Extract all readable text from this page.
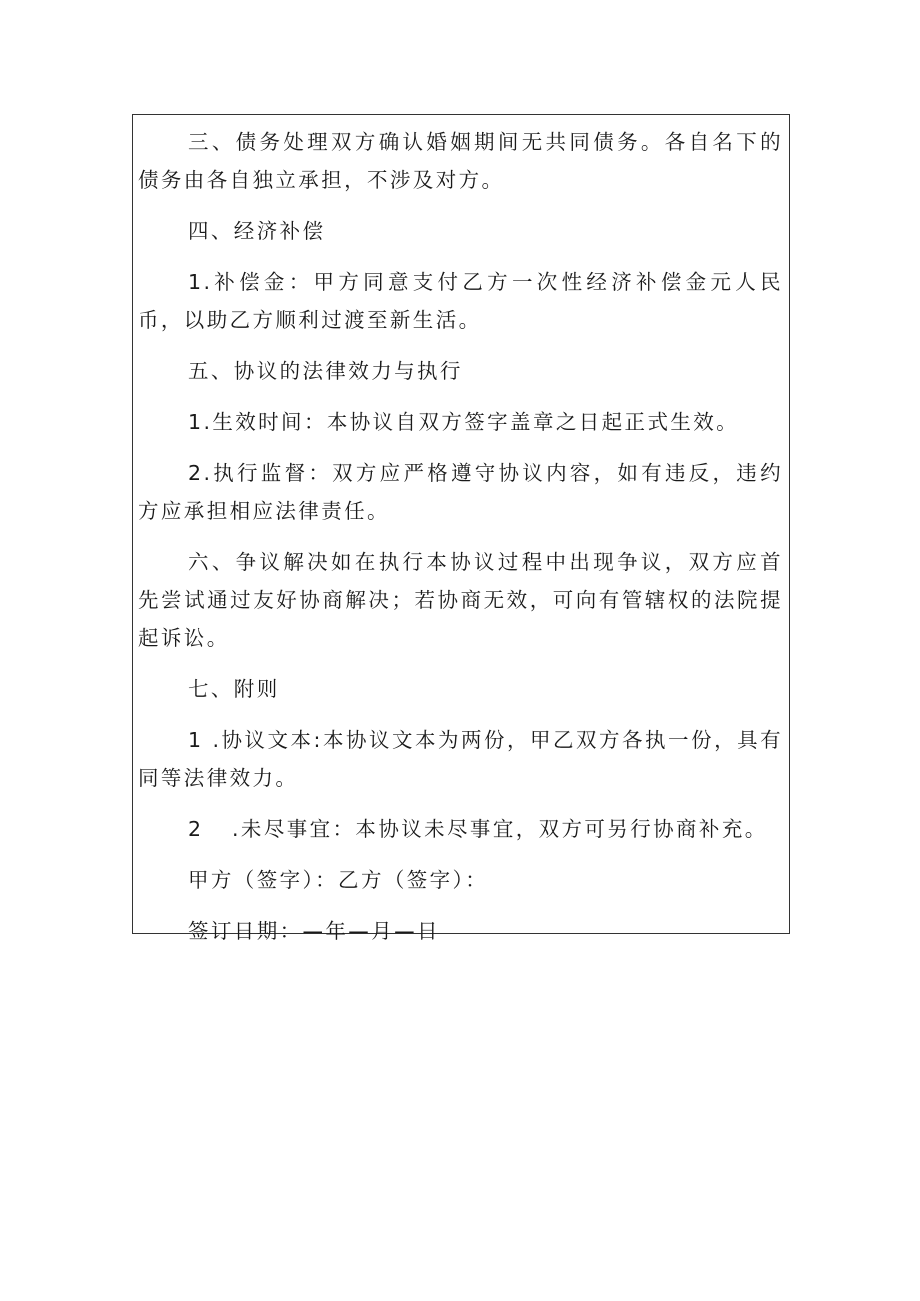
三、债务处理双方确认婚姻期间无共同债务。各自名下的债务由各自独立承担，不涉及对方。

四、经济补偿

1.补偿金：甲方同意支付乙方一次性经济补偿金元人民币，以助乙方顺利过渡至新生活。

五、协议的法律效力与执行

1.生效时间：本协议自双方签字盖章之日起正式生效。

2.执行监督：双方应严格遵守协议内容，如有违反，违约方应承担相应法律责任。

六、争议解决如在执行本协议过程中出现争议，双方应首先尝试通过友好协商解决；若协商无效，可向有管辖权的法院提起诉讼。

七、附则

1 .协议文本:本协议文本为两份，甲乙双方各执一份，具有同等法律效力。

2 .未尽事宜：本协议未尽事宜，双方可另行协商补充。

甲方（签字）：乙方（签字）：

签订日期：—年—月—日
